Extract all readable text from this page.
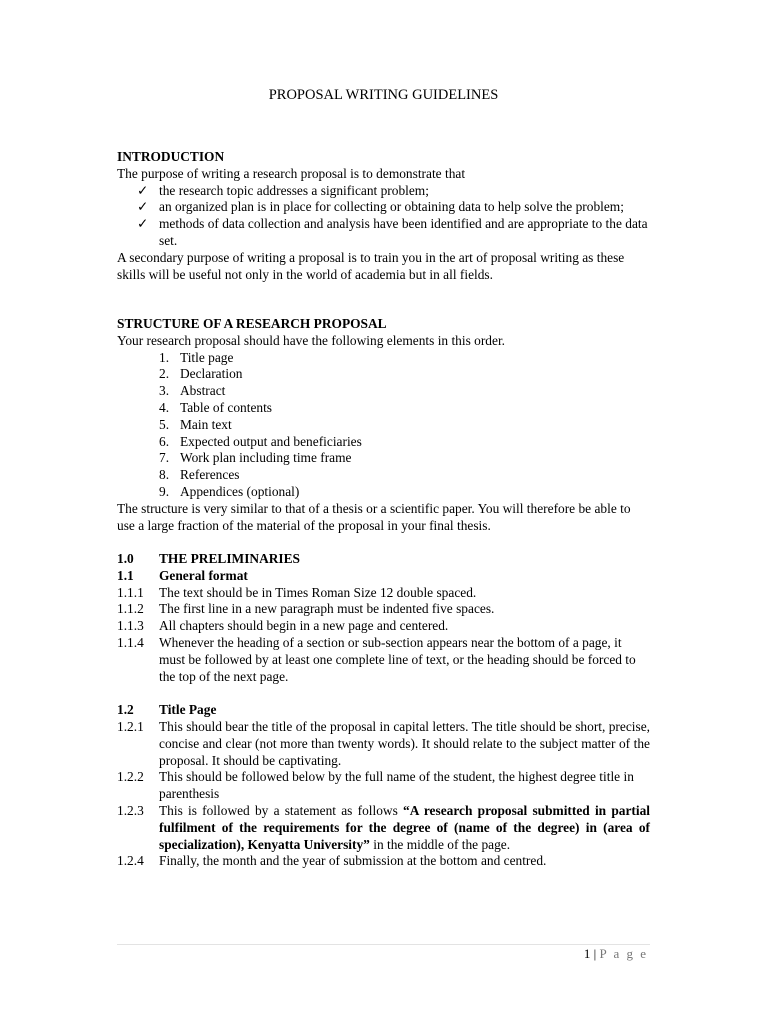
PROPOSAL WRITING GUIDELINES
INTRODUCTION
The purpose of writing a research proposal is to demonstrate that
✓ the research topic addresses a significant problem;
✓ an organized plan is in place for collecting or obtaining data to help solve the problem;
✓ methods of data collection and analysis have been identified and are appropriate to the data set.
A secondary purpose of writing a proposal is to train you in the art of proposal writing as these skills will be useful not only in the world of academia but in all fields.
STRUCTURE OF A RESEARCH PROPOSAL
Your research proposal should have the following elements in this order.
1. Title page
2. Declaration
3. Abstract
4. Table of contents
5. Main text
6. Expected output and beneficiaries
7. Work plan including time frame
8. References
9. Appendices (optional)
The structure is very similar to that of a thesis or a scientific paper. You will therefore be able to use a large fraction of the material of the proposal in your final thesis.
1.0 THE PRELIMINARIES
1.1 General format
1.1.1 The text should be in Times Roman Size 12 double spaced.
1.1.2 The first line in a new paragraph must be indented five spaces.
1.1.3 All chapters should begin in a new page and centered.
1.1.4 Whenever the heading of a section or sub-section appears near the bottom of a page, it must be followed by at least one complete line of text, or the heading should be forced to the top of the next page.
1.2 Title Page
1.2.1 This should bear the title of the proposal in capital letters. The title should be short, precise, concise and clear (not more than twenty words). It should relate to the subject matter of the proposal. It should be captivating.
1.2.2 This should be followed below by the full name of the student, the highest degree title in parenthesis
1.2.3 This is followed by a statement as follows “A research proposal submitted in partial fulfilment of the requirements for the degree of (name of the degree) in (area of specialization), Kenyatta University” in the middle of the page.
1.2.4 Finally, the month and the year of submission at the bottom and centred.
1 | P a g e
